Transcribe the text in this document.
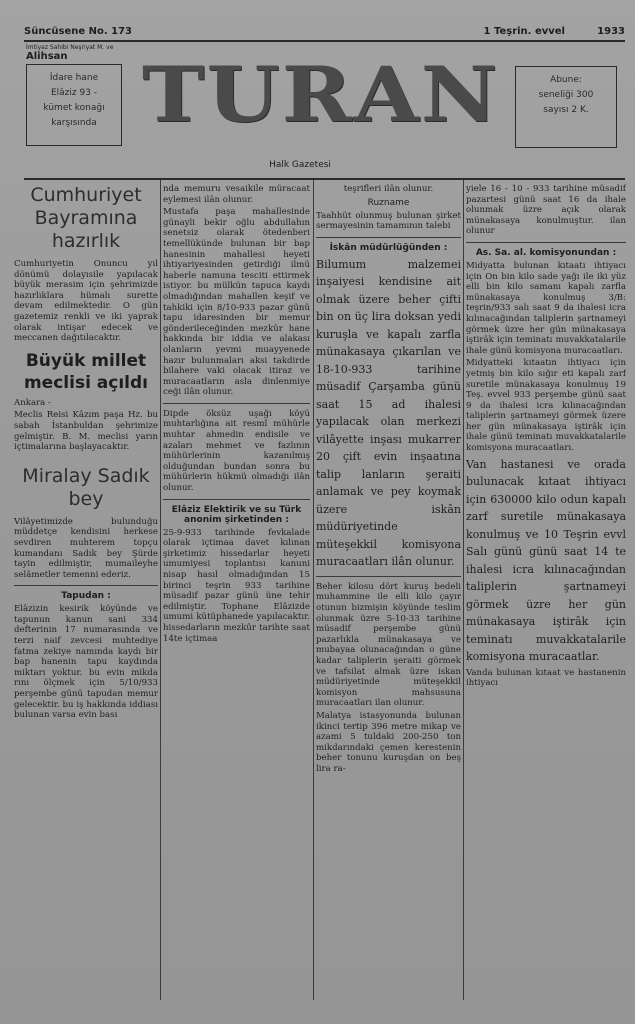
Süncüsene No. 173	1 Teşrin. evvel	1933
İmtiyaz Sahibi Neşriyat M. ve
Alihsan
İdare hane
Elâziz 93 -
kümet konağı
karşısında TURAN	Abune:
seneliği 300
sayısı 2 K.
Halk Gazetesi
Cumhuriyet Bayramına hazırlık

Cumhuriyetin Onuncu yıl dönümü dolayısile yapılacak büyük merasim için şehrimizde hazırlıklara hümalı surette devam edilmektedir. O gün gazetemiz renkli ve iki yaprak olarak intişar edecek ve meccanen dağıtılacaktır.

Büyük millet meclisi açıldı

Ankara -

Meclis Reisi Kâzım paşa Hz. bu sabah İstanbuldan şehrimize gelmiştir. B. M. meclisi yarın içtimalarına başlayacaktır.

Miralay Sadık bey

Vilâyetimizde bulunduğu müddetçe kendisini herkese sevdiren muhterem topçu kumandanı Sadık bey Şürde tayin edilmiştir, mumaileyhe selâmetler temenni ederiz.

Tapudan :

Elâzizin kesirik köyünde ve tapunun kanun sani 334 defterinin 17 numarasında ve terzi naif zevcesi muhtediye fatma zekiye namında kaydı bir bap hanenin tapu kaydında miktarı yoktur. bu evin mikda rını ölçmek için 5/10/933 perşembe günü tapudan memur gelecektir. bu iş hakkında iddiası bulunan varsa evin bası

nda memuru vesaikile müracaat eylemesi ilân olunur.

Mustafa paşa mahallesinde günayli bekir oğlu abdullahın senetsiz olarak ötedenberi temellükünde bulunan bir bap hanesinin mahallesi heyeti ihtiyariyesinden getirdiği ilmü haberle namuna tesciti ettirmek istiyor. bu mülkün tapuca kaydı olmadığından mahallen keşif ve tahkiki için 8/10-933 pazar günü tapu idaresinden bir memur gönderileceğinden mezkûr hane hakkında bir iddia ve alakası olanların yevmi muayyenede hazır bulunmaları aksi takdirde bilahere vaki olacak itiraz ve muracaatların asla dinlenmiye ceği ilân olunur.

Dipde öksüz uşağı köyü muhtarlığına ait resmî mühürle muhtar ahmedin endisile ve azaları mehmet ve fazlının mühürlerinin kazanılmış olduğundan bundan sonra bu mühürlerin hükmü olmadığı ilân olunur.

Elâziz Elektirik ve su Türk anonim şirketinden :

25-9-933 tarihinde fevkalade olarak içtimaa davet kılınan şirketimiz hissedarlar heyeti umumiyesi toplantısı kanuni nisap hasıl olmadığından 15 birinci teşrin 933 tarihine müsadif pazar günü üne tehir edilmiştir. Tophane Elâzizde umumi kütüphanede yapılacaktır. hissedarların mezkûr tarihte saat 14te içtimaa

teşrifleri ilân olunur.

Ruzname

Taahhüt olunmuş bulunan şirket sermayesinin tamamının talebi

İskân müdürlüğünden :

Bilumum malzemei inşaiyesi kendisine ait olmak üzere beher çifti bin on üç lira doksan yedi kuruşla ve kapalı zarfla münakasaya çıkarılan ve 18-10-933 tarihine müsadif Çarşamba günü saat 15 ad ihalesi yapılacak olan merkezi vilâyette inşası mukarrer 20 çift evin inşaatına talip lanların şeraiti anlamak ve pey koymak üzere iskân müdüriyetinde müteşekkil komisyona muracaatları ilân olunur.

Beher kilosu dört kuruş bedeli muhammine ile elli kilo çayır otunun bizmişin köyünde teslim olunmak üzre 5-10-33 tarihine müsadif perşembe günü pazarlıkla münakasaya ve mubayaa olunacağından o güne kadar taliplerin şeraiti görmek ve tafsilat almak üzre iskan müdüriyetinde müteşekkil komisyon mahsusuna muracaatları ilan olunur.

Malatya istasyonunda bulunan ikinci tertip 396 metre mikap ve azami 5 tuldaki 200-250 ton mikdarındaki çemen kerestenin beher tonunu kuruşdan on beş lira ra-

yiele 16 - 10 - 933 tarihine müsadif pazartesi günü saat 16 da ihale olunmak üzre açık olarak münakasaya konulmuştur. ilan olunur

As. Sa. al. komisyonundan :

Midyatta bulunan kıtaatı ihtiyacı için On bin kilo sade yağı ile iki yüz elli bin kilo samanı kapalı zarfla münakasaya konulmuş 3/B: teşrin/933 salı saat 9 da ihalesi icra kılınacağından taliplerin şartnameyi görmek üzre her gün münakasaya iştirâk için teminatı muvakkatalarile ihale günü komisyona muracaatları.

Midyatteki kıtaatın ihtiyacı için yetmiş bin kilo sığır eti kapalı zarf suretile münakasaya konulmuş 19 Teş. evvel 933 perşembe günü saat 9 da ihalesi icra kılınacağından taliplerin şartnameyi görmek üzere her gün münakasaya iştirâk için ihale günü teminatı muvakkatalarile komisyona muracaatları.

Van hastanesi ve orada bulunacak kıtaat ihtiyacı için 630000 kilo odun kapalı zarf suretile münakasaya konulmuş ve 10 Teşrin evvl Salı günü günü saat 14 te ihalesi icra kılınacağından taliplerin şartnameyi görmek üzre her gün münakasaya iştirâk için teminatı muvakkatalarile komisyona muracaatlar.

Vanda bulunan kıtaat ve hastanenin ihtiyacı
